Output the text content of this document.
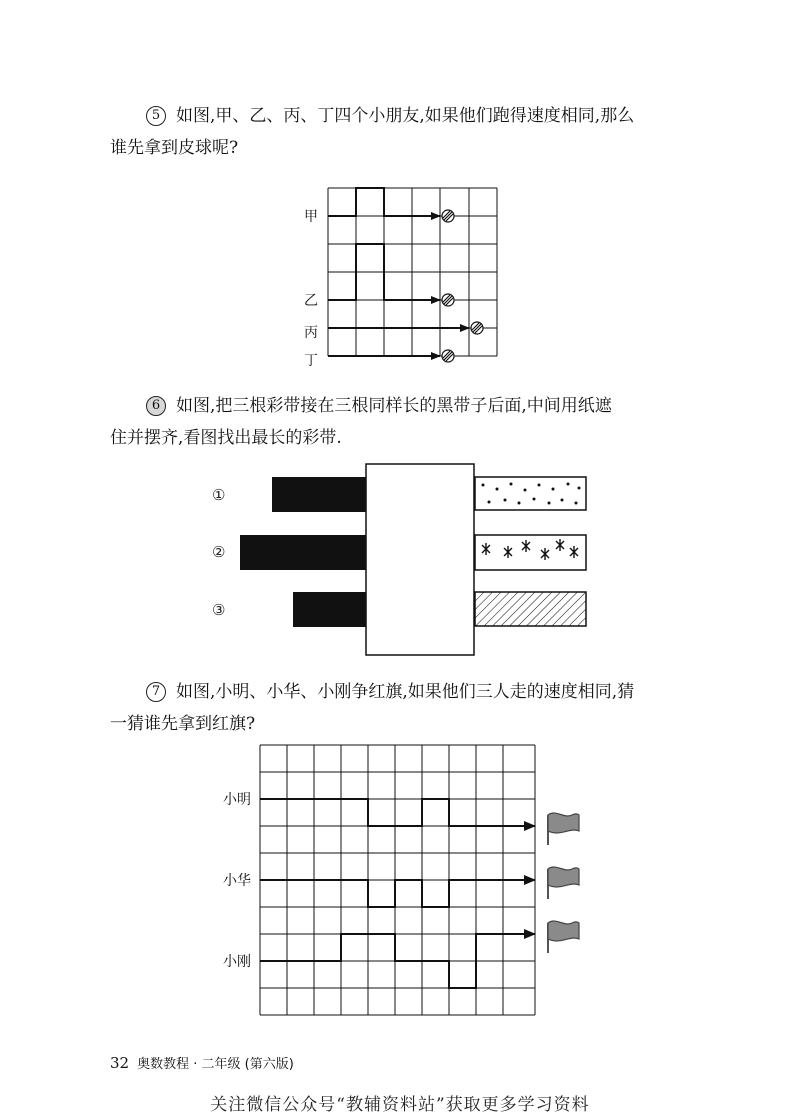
5 如图,甲、乙、丙、丁四个小朋友,如果他们跑得速度相同,那么
谁先拿到皮球呢?
甲
乙
丙
丁
6 如图,把三根彩带接在三根同样长的黑带子后面,中间用纸遮
住并摆齐,看图找出最长的彩带.
①
②
③
7 如图,小明、小华、小刚争红旗,如果他们三人走的速度相同,猜
一猜谁先拿到红旗?
小明
小华
小刚
32 奥数教程 · 二年级 (第六版)
关注微信公众号“教辅资料站”获取更多学习资料
